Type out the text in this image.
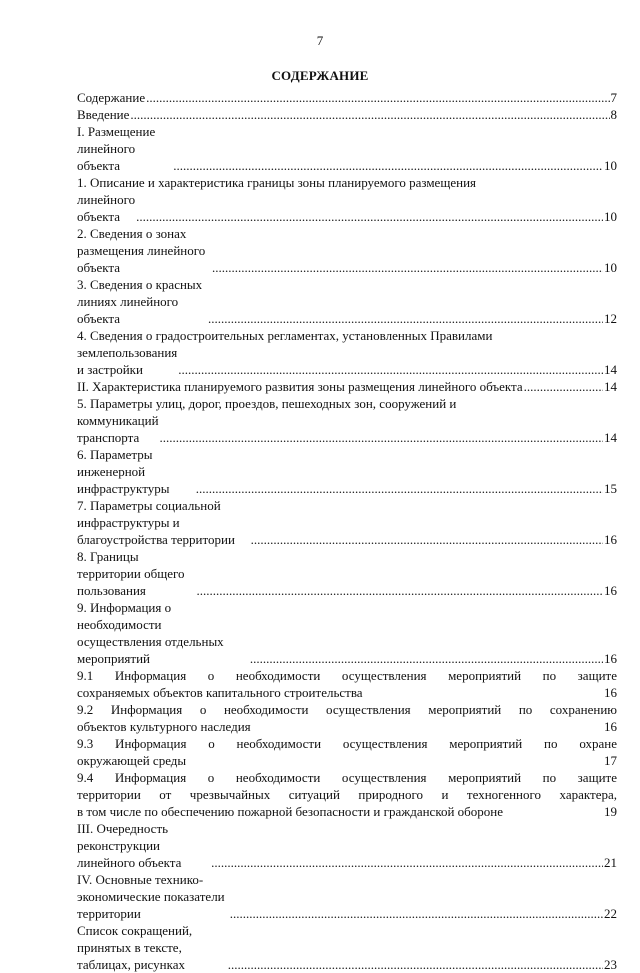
7
СОДЕРЖАНИЕ
Содержание .....	7
Введение .....	8
I. Размещение линейного объекта .....	10
1. Описание и характеристика границы зоны планируемого размещения
линейного объекта .....	10
2. Сведения о зонах размещения линейного объекта .....	10
3. Сведения о красных линиях линейного объекта .....	12
4. Сведения о градостроительных регламентах, установленных Правилами
землепользования и застройки .....	14
II. Характеристика планируемого развития зоны размещения линейного объекта .....	14
5. Параметры улиц, дорог, проездов, пешеходных зон, сооружений и
коммуникаций транспорта .....	14
6. Параметры инженерной инфраструктуры .....	15
7. Параметры социальной инфраструктуры и благоустройства территории .....	16
8. Границы территории общего пользования .....	16
9. Информация о необходимости осуществления отдельных мероприятий .....	16
9.1 Информация о необходимости осуществления мероприятий по защите
сохраняемых объектов капитального строительства	16
9.2 Информация о необходимости осуществления мероприятий по сохранению
объектов культурного наследия	16
9.3 Информация о необходимости осуществления мероприятий по охране
окружающей среды	17
9.4 Информация о необходимости осуществления мероприятий по защите
территории от чрезвычайных ситуаций природного и техногенного характера,
в том числе по обеспечению пожарной безопасности и гражданской обороне	19
III. Очередность реконструкции линейного объекта .....	21
IV. Основные технико-экономические показатели территории .....	22
Список сокращений, принятых в тексте, таблицах, рисунках .....	23
